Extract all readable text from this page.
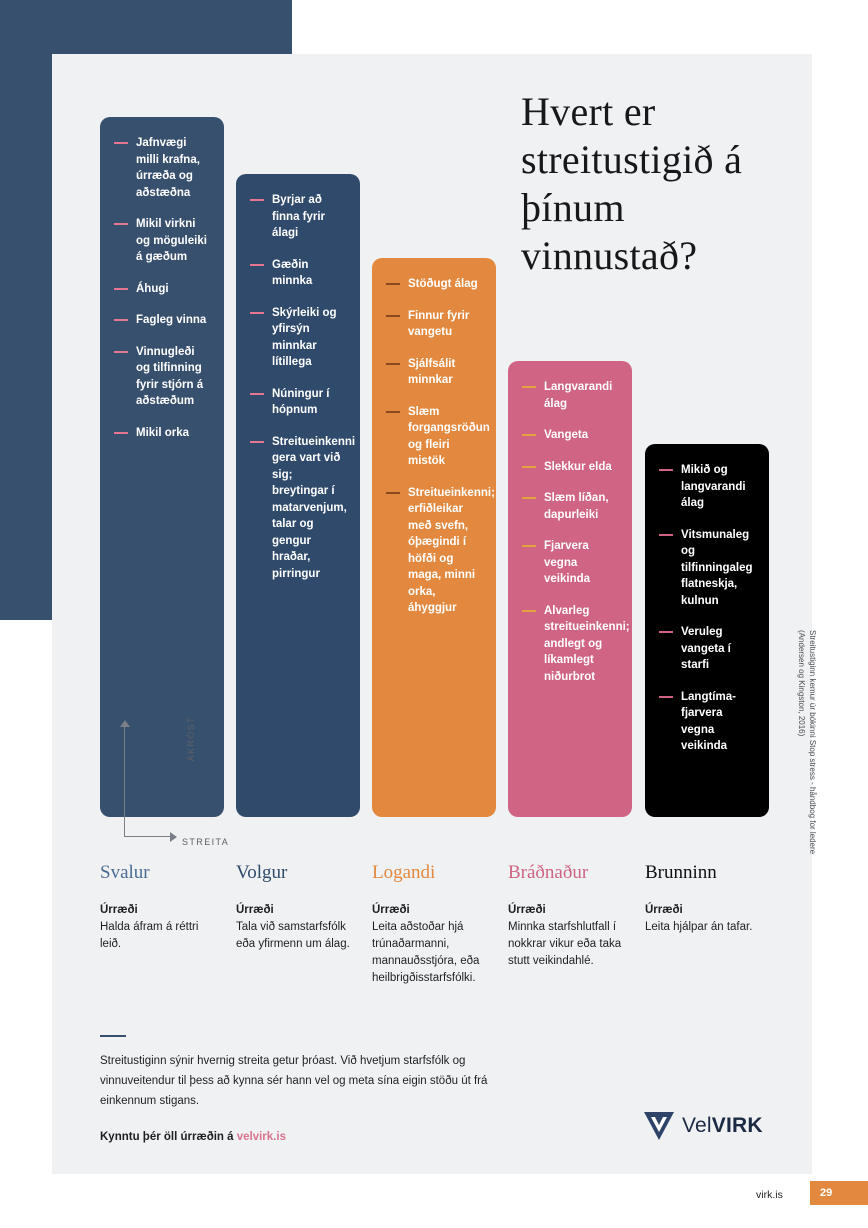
Hvert er streitustigið á þínum vinnustað?
Jafnvægi milli krafna, úrræða og aðstæðna
Mikil virkni og möguleiki á gæðum
Áhugi
Fagleg vinna
Vinnugleði og tilfinning fyrir stjórn á aðstæðum
Mikil orka
Byrjar að finna fyrir álagi
Gæðin minnka
Skýrleiki og yfirsýn minnkar lítillega
Núningur í hópnum
Streitueinkenni gera vart við sig; breytingar í matarvenjum, talar og gengur hraðar, pirringur
Stöðugt álag
Finnur fyrir vangetu
Sjálfsálit minnkar
Slæm forgangsröðun og fleiri mistök
Streitueinkenni; erfiðleikar með svefn, óþægindi í höfði og maga, minni orka, áhyggjur
Langvarandi álag
Vangeta
Slekkur elda
Slæm líðan, dapurleiki
Fjarvera vegna veikinda
Alvarleg streitueinkenni; andlegt og líkamlegt niðurbrot
Mikið og langvarandi álag
Vitsmunaleg og tilfinningaleg flatneskja, kulnun
Veruleg vangeta í starfi
Langtíma-fjarvera vegna veikinda
ÁKRÓST
STREITA
Svalur
Úrræði
Halda áfram á réttri leið.
Volgur
Úrræði
Tala við samstarfsfólk eða yfirmenn um álag.
Logandi
Úrræði
Leita aðstoðar hjá trúnaðarmanni, mannauðsstjóra, eða heilbrigðisstarfsfólki.
Bráðnaður
Úrræði
Minnka starfshlutfall í nokkrar vikur eða taka stutt veikindahlé.
Brunninn
Úrræði
Leita hjálpar án tafar.
Streitustiginn sýnir hvernig streita getur þróast. Við hvetjum starfsfólk og vinnuveitendur til þess að kynna sér hann vel og meta sína eigin stöðu út frá einkennum stigans.
Kynntu þér öll úrræðin á velvirk.is	VelVIRK
Streitustiginn kemur úr bókinni Stop stress - håndbog for ledere (Andersen og Kingston, 2016)
virk.is	29
